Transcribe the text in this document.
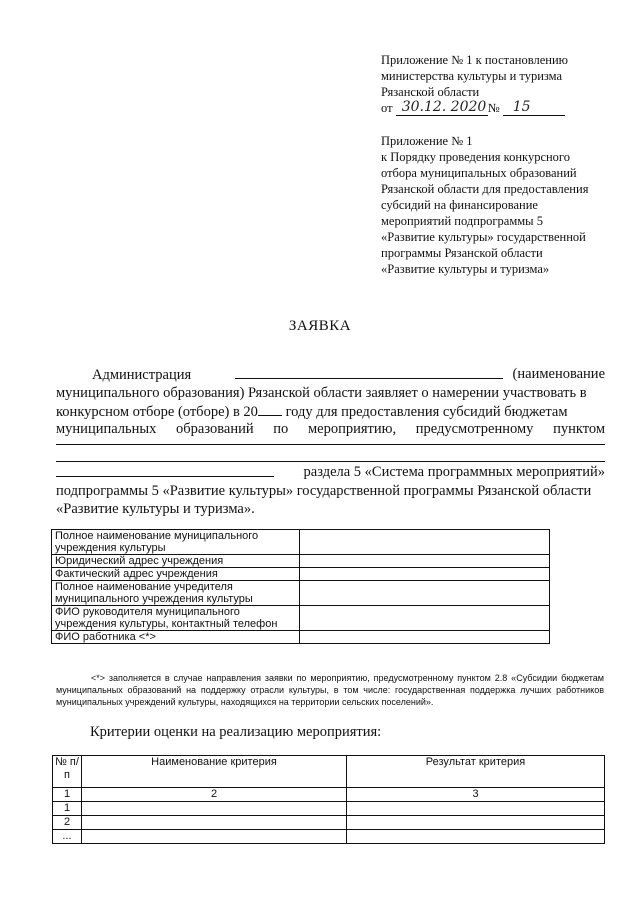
Приложение № 1 к постановлению
министерства культуры и туризма
Рязанской области
от 30.12. 2020 № 15
Приложение № 1
к Порядку проведения конкурсного
отбора муниципальных образований
Рязанской области для предоставления
субсидий на финансирование
мероприятий подпрограммы 5
«Развитие культуры» государственной
программы Рязанской области
«Развитие культуры и туризма»
ЗАЯВКА
Администрация	(наименование
муниципального образования) Рязанской области заявляет о намерении участвовать в
конкурсном отборе (отборе) в 20 году для предоставления субсидий бюджетам
муниципальных образований по мероприятию, предусмотренному пунктом
раздела 5 «Система программных мероприятий»
подпрограммы 5 «Развитие культуры» государственной программы Рязанской области
«Развитие культуры и туризма».
Полное наименование муниципального учреждения культуры	
Юридический адрес учреждения	
Фактический адрес учреждения	
Полное наименование учредителя муниципального учреждения культуры	
ФИО руководителя муниципального учреждения культуры, контактный телефон	
ФИО работника <*>	
<*> заполняется в случае направления заявки по мероприятию, предусмотренному пунктом 2.8 «Субсидии бюджетам муниципальных образований на поддержку отрасли культуры, в том числе: государственная поддержка лучших работников муниципальных учреждений культуры, находящихся на территории сельских поселений».
Критерии оценки на реализацию мероприятия:
№ п/п	Наименование критерия	Результат критерия
1	2	3
1		
2		
...		
